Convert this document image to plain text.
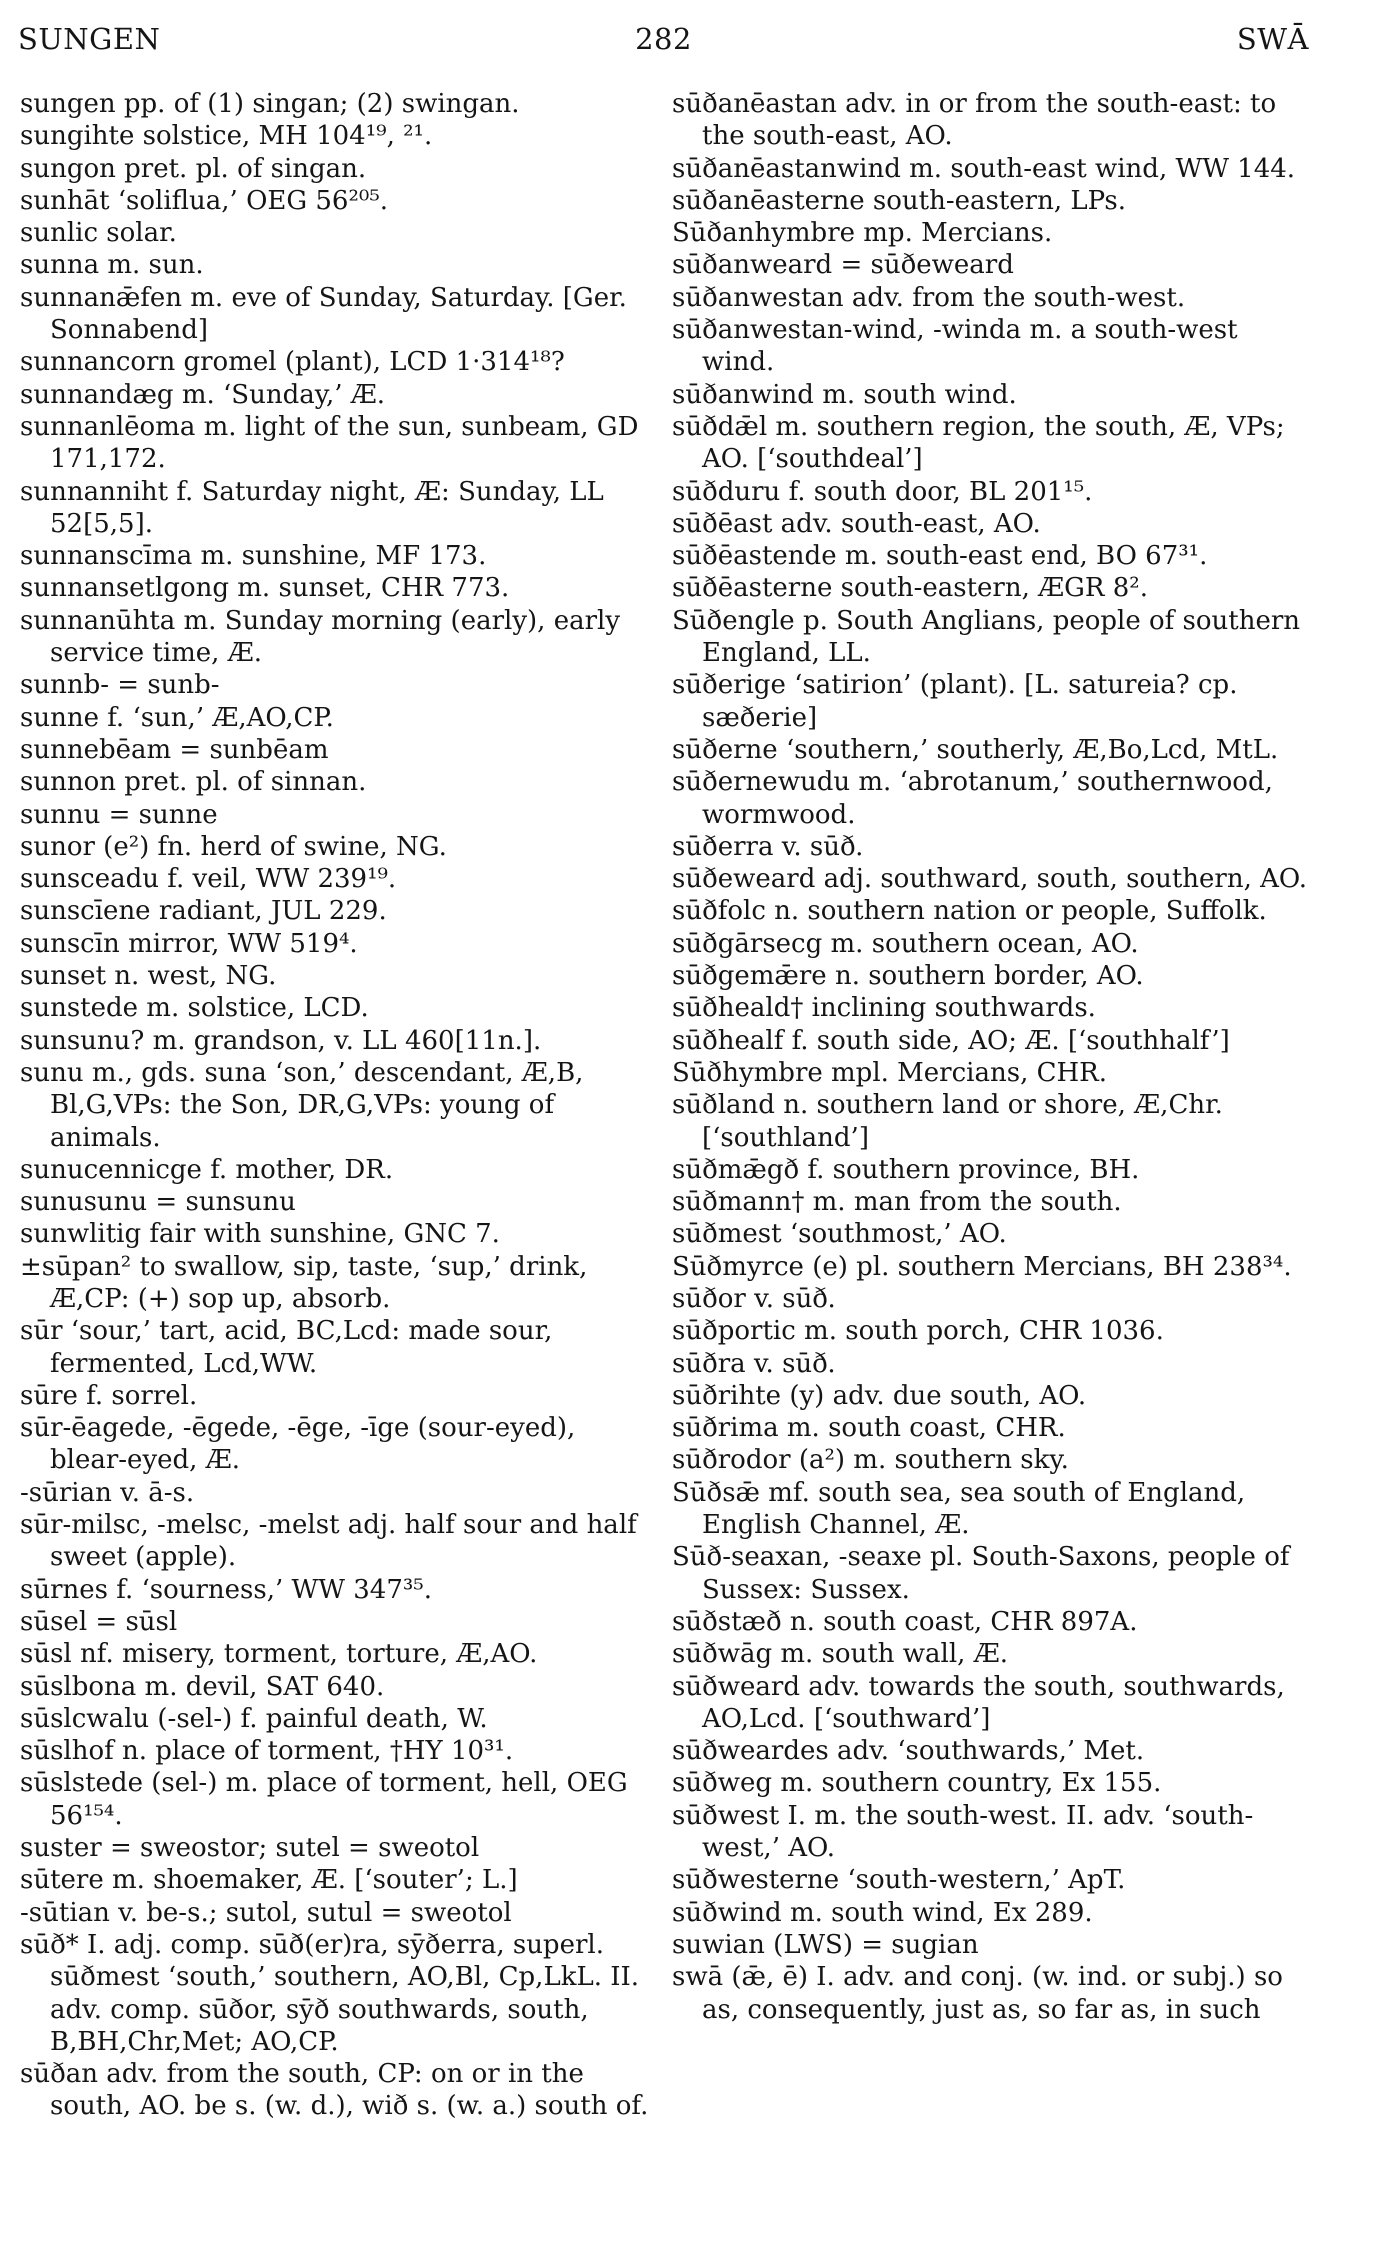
SUNGEN	282	SWĀ

sungen pp. of (1) singan; (2) swingan.

sungihte solstice, MH 104¹⁹, ²¹.

sungon pret. pl. of singan.

sunhāt ‘soliflua,’ OEG 56²⁰⁵.

sunlic solar.

sunna m. sun.

sunnanǣfen m. eve of Sunday, Saturday. [Ger. Sonnabend]

sunnancorn gromel (plant), LCD 1·314¹⁸?

sunnandæg m. ‘Sunday,’ Æ.

sunnanlēoma m. light of the sun, sunbeam, GD 171,172.

sunnanniht f. Saturday night, Æ: Sunday, LL 52[5,5].

sunnanscīma m. sunshine, MF 173.

sunnansetlgong m. sunset, CHR 773.

sunnanūhta m. Sunday morning (early), early service time, Æ.

sunnb- = sunb-

sunne f. ‘sun,’ Æ,AO,CP.

sunnebēam = sunbēam

sunnon pret. pl. of sinnan.

sunnu = sunne

sunor (e²) fn. herd of swine, NG.

sunsceadu f. veil, WW 239¹⁹.

sunscīene radiant, JUL 229.

sunscīn mirror, WW 519⁴.

sunset n. west, NG.

sunstede m. solstice, LCD.

sunsunu? m. grandson, v. LL 460[11n.].

sunu m., gds. suna ‘son,’ descendant, Æ,B, Bl,G,VPs: the Son, DR,G,VPs: young of animals.

sunucennicge f. mother, DR.

sunusunu = sunsunu

sunwlitig fair with sunshine, GNC 7.

±sūpan² to swallow, sip, taste, ‘sup,’ drink, Æ,CP: (+) sop up, absorb.

sūr ‘sour,’ tart, acid, BC,Lcd: made sour, fermented, Lcd,WW.

sūre f. sorrel.

sūr-ēagede, -ēgede, -ēge, -īge (sour-eyed), blear-eyed, Æ.

-sūrian v. ā-s.

sūr-milsc, -melsc, -melst adj. half sour and half sweet (apple).

sūrnes f. ‘sourness,’ WW 347³⁵.

sūsel = sūsl

sūsl nf. misery, torment, torture, Æ,AO.

sūslbona m. devil, SAT 640.

sūslcwalu (-sel-) f. painful death, W.

sūslhof n. place of torment, †HY 10³¹.

sūslstede (sel-) m. place of torment, hell, OEG 56¹⁵⁴.

suster = sweostor; sutel = sweotol

sūtere m. shoemaker, Æ. [‘souter’; L.]

-sūtian v. be-s.; sutol, sutul = sweotol

sūð* I. adj. comp. sūð(er)ra, sȳðerra, superl. sūðmest ‘south,’ southern, AO,Bl, Cp,LkL. II. adv. comp. sūðor, sȳð southwards, south, B,BH,Chr,Met; AO,CP.

sūðan adv. from the south, CP: on or in the south, AO. be s. (w. d.), wið s. (w. a.) south of.

sūðanēastan adv. in or from the south-east: to the south-east, AO.

sūðanēastanwind m. south-east wind, WW 144.

sūðanēasterne south-eastern, LPs.

Sūðanhymbre mp. Mercians.

sūðanweard = sūðeweard

sūðanwestan adv. from the south-west.

sūðanwestan-wind, -winda m. a south-west wind.

sūðanwind m. south wind.

sūðdǣl m. southern region, the south, Æ, VPs; AO. [‘southdeal’]

sūðduru f. south door, BL 201¹⁵.

sūðēast adv. south-east, AO.

sūðēastende m. south-east end, BO 67³¹.

sūðēasterne south-eastern, ÆGR 8².

Sūðengle p. South Anglians, people of southern England, LL.

sūðerige ‘satirion’ (plant). [L. satureia? cp. sæðerie]

sūðerne ‘southern,’ southerly, Æ,Bo,Lcd, MtL.

sūðernewudu m. ‘abrotanum,’ southernwood, wormwood.

sūðerra v. sūð.

sūðeweard adj. southward, south, southern, AO.

sūðfolc n. southern nation or people, Suffolk.

sūðgārsecg m. southern ocean, AO.

sūðgemǣre n. southern border, AO.

sūðheald† inclining southwards.

sūðhealf f. south side, AO; Æ. [‘southhalf’]

Sūðhymbre mpl. Mercians, CHR.

sūðland n. southern land or shore, Æ,Chr. [‘southland’]

sūðmǣgð f. southern province, BH.

sūðmann† m. man from the south.

sūðmest ‘southmost,’ AO.

Sūðmyrce (e) pl. southern Mercians, BH 238³⁴.

sūðor v. sūð.

sūðportic m. south porch, CHR 1036.

sūðra v. sūð.

sūðrihte (y) adv. due south, AO.

sūðrima m. south coast, CHR.

sūðrodor (a²) m. southern sky.

Sūðsǣ mf. south sea, sea south of England, English Channel, Æ.

Sūð-seaxan, -seaxe pl. South-Saxons, people of Sussex: Sussex.

sūðstæð n. south coast, CHR 897A.

sūðwāg m. south wall, Æ.

sūðweard adv. towards the south, southwards, AO,Lcd. [‘southward’]

sūðweardes adv. ‘southwards,’ Met.

sūðweg m. southern country, Ex 155.

sūðwest I. m. the south-west. II. adv. ‘south-west,’ AO.

sūðwesterne ‘south-western,’ ApT.

sūðwind m. south wind, Ex 289.

suwian (LWS) = sugian

swā (ǣ, ē) I. adv. and conj. (w. ind. or subj.) so as, consequently, just as, so far as, in such
